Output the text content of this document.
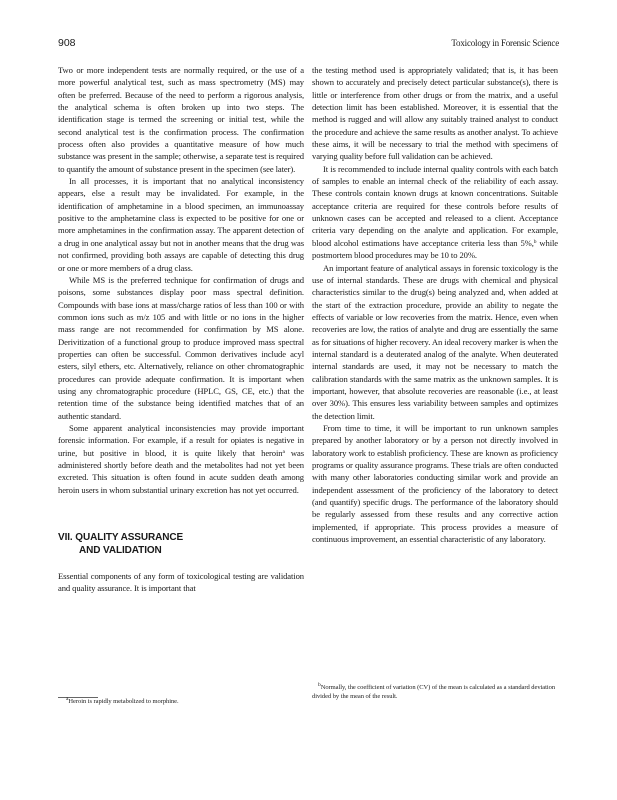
908	Toxicology in Forensic Science

Two or more independent tests are normally required, or the use of a more powerful analytical test, such as mass spectrometry (MS) may often be preferred. Because of the need to perform a rigorous analysis, the analytical schema is often broken up into two steps. The identification stage is termed the screening or initial test, while the second analytical test is the confirmation process. The confirmation process often also provides a quantitative measure of how much substance was present in the sample; otherwise, a separate test is required to quantify the amount of substance present in the specimen (see later).

In all processes, it is important that no analytical inconsistency appears, else a result may be invalidated. For example, in the identification of amphetamine in a blood specimen, an immunoassay positive to the amphetamine class is expected to be positive for one or more amphetamines in the confirmation assay. The apparent detection of a drug in one analytical assay but not in another means that the drug was not confirmed, providing both assays are capable of detecting this drug or one or more members of a drug class.

While MS is the preferred technique for confirmation of drugs and poisons, some substances display poor mass spectral definition. Compounds with base ions at mass/charge ratios of less than 100 or with common ions such as m/z 105 and with little or no ions in the higher mass range are not recommended for confirmation by MS alone. Derivitization of a functional group to produce improved mass spectral properties can often be successful. Common derivatives include acyl esters, silyl ethers, etc. Alternatively, reliance on other chromatographic procedures can provide adequate confirmation. It is important when using any chromatographic procedure (HPLC, GS, CE, etc.) that the retention time of the substance being identified matches that of an authentic standard.

Some apparent analytical inconsistencies may provide important forensic information. For example, if a result for opiates is negative in urine, but positive in blood, it is quite likely that heroin$^a$ was administered shortly before death and the metabolites had not yet been excreted. This situation is often found in acute sudden death among heroin users in whom substantial urinary excretion has not yet occurred.

VII. QUALITY ASSURANCE
AND VALIDATION

Essential components of any form of toxicological testing are validation and quality assurance. It is important that

the testing method used is appropriately validated; that is, it has been shown to accurately and precisely detect particular substance(s), there is little or interference from other drugs or from the matrix, and a useful detection limit has been established. Moreover, it is essential that the method is rugged and will allow any suitably trained analyst to conduct the procedure and achieve the same results as another analyst. To achieve these aims, it will be necessary to trial the method with specimens of varying quality before full validation can be achieved.

It is recommended to include internal quality controls with each batch of samples to enable an internal check of the reliability of each assay. These controls contain known drugs at known concentrations. Suitable acceptance criteria are required for these controls before results of unknown cases can be accepted and released to a client. Acceptance criteria vary depending on the analyte and application. For example, blood alcohol estimations have acceptance criteria less than 5%,$^b$ while postmortem blood procedures may be 10 to 20%.

An important feature of analytical assays in forensic toxicology is the use of internal standards. These are drugs with chemical and physical characteristics similar to the drug(s) being analyzed and, when added at the start of the extraction procedure, provide an ability to negate the effects of variable or low recoveries from the matrix. Hence, even when recoveries are low, the ratios of analyte and drug are essentially the same as for situations of higher recovery. An ideal recovery marker is when the internal standard is a deuterated analog of the analyte. When deuterated internal standards are used, it may not be necessary to match the calibration standards with the same matrix as the unknown samples. It is important, however, that absolute recoveries are reasonable (i.e., at least over 30%). This ensures less variability between samples and optimizes the detection limit.

From time to time, it will be important to run unknown samples prepared by another laboratory or by a person not directly involved in laboratory work to establish proficiency. These are known as proficiency programs or quality assurance programs. These trials are often conducted with many other laboratories conducting similar work and provide an independent assessment of the proficiency of the laboratory to detect (and quantify) specific drugs. The performance of the laboratory should be regularly assessed from these results and any corrective action implemented, if appropriate. This process provides a measure of continuous improvement, an essential characteristic of any laboratory.

$^a$Heroin is rapidly metabolized to morphine.
$^b$Normally, the coefficient of variation (CV) of the mean is calculated as a standard deviation divided by the mean of the result.
